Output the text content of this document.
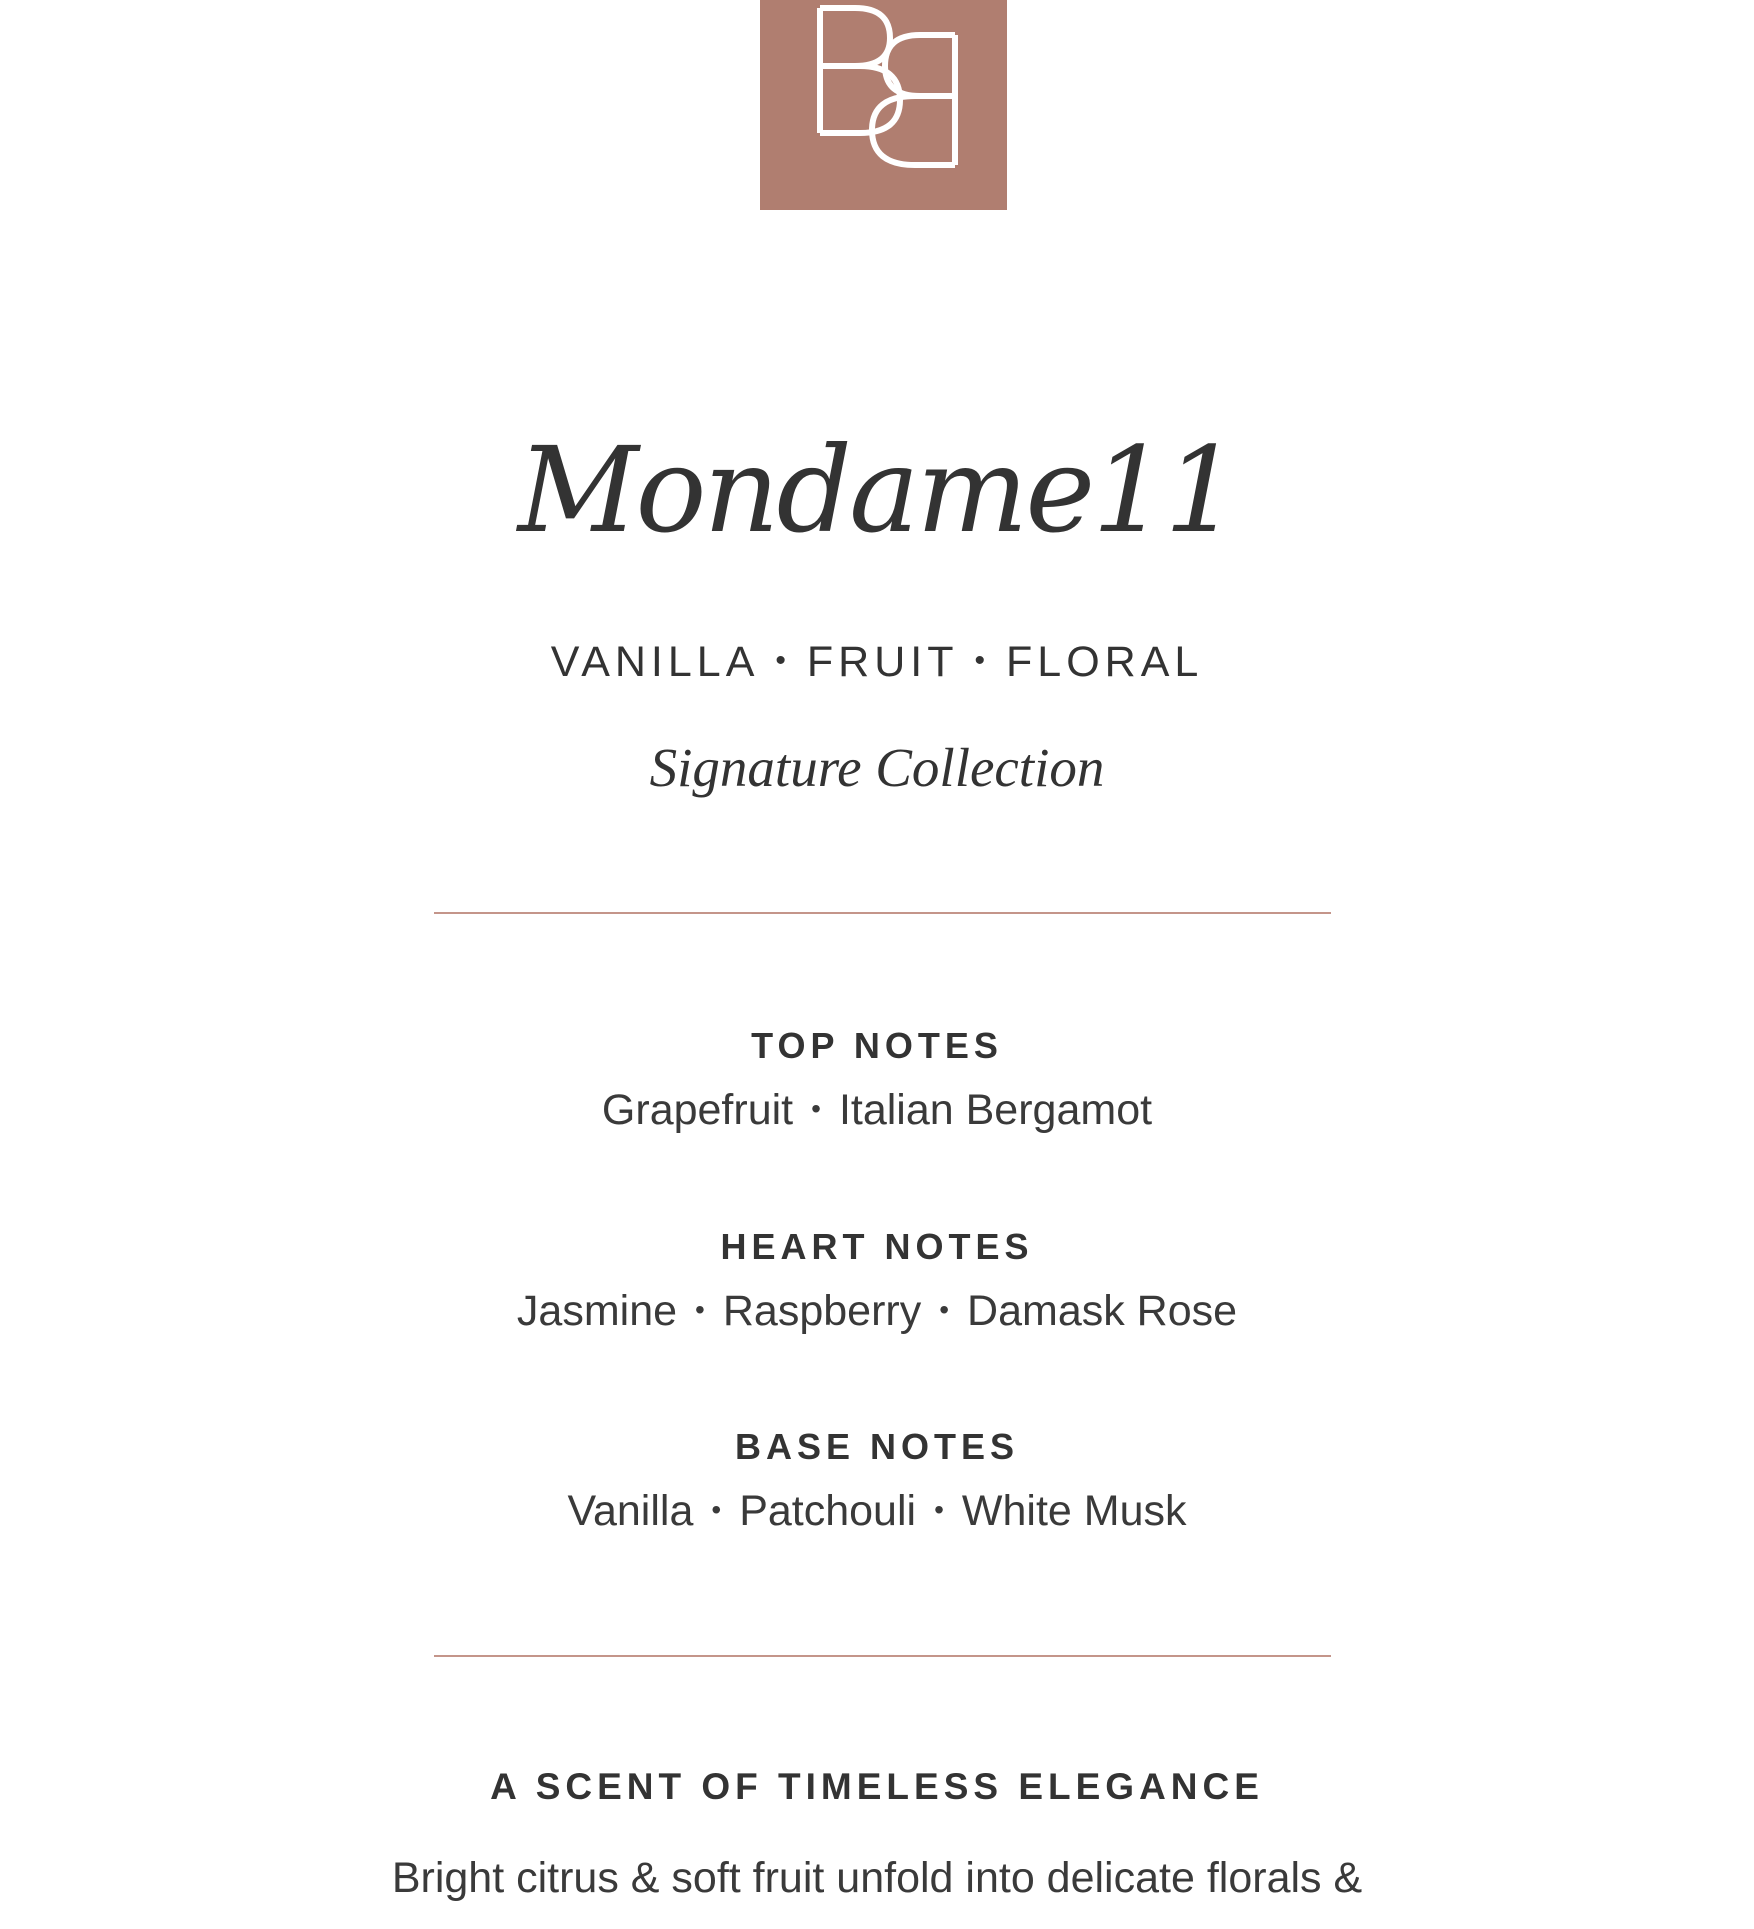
Mondame11
VANILLA • FRUIT • FLORAL
Signature Collection
TOP NOTES
Grapefruit • Italian Bergamot
HEART NOTES
Jasmine • Raspberry • Damask Rose
BASE NOTES
Vanilla • Patchouli • White Musk
A SCENT OF TIMELESS ELEGANCE
Bright citrus & soft fruit unfold into delicate florals &
